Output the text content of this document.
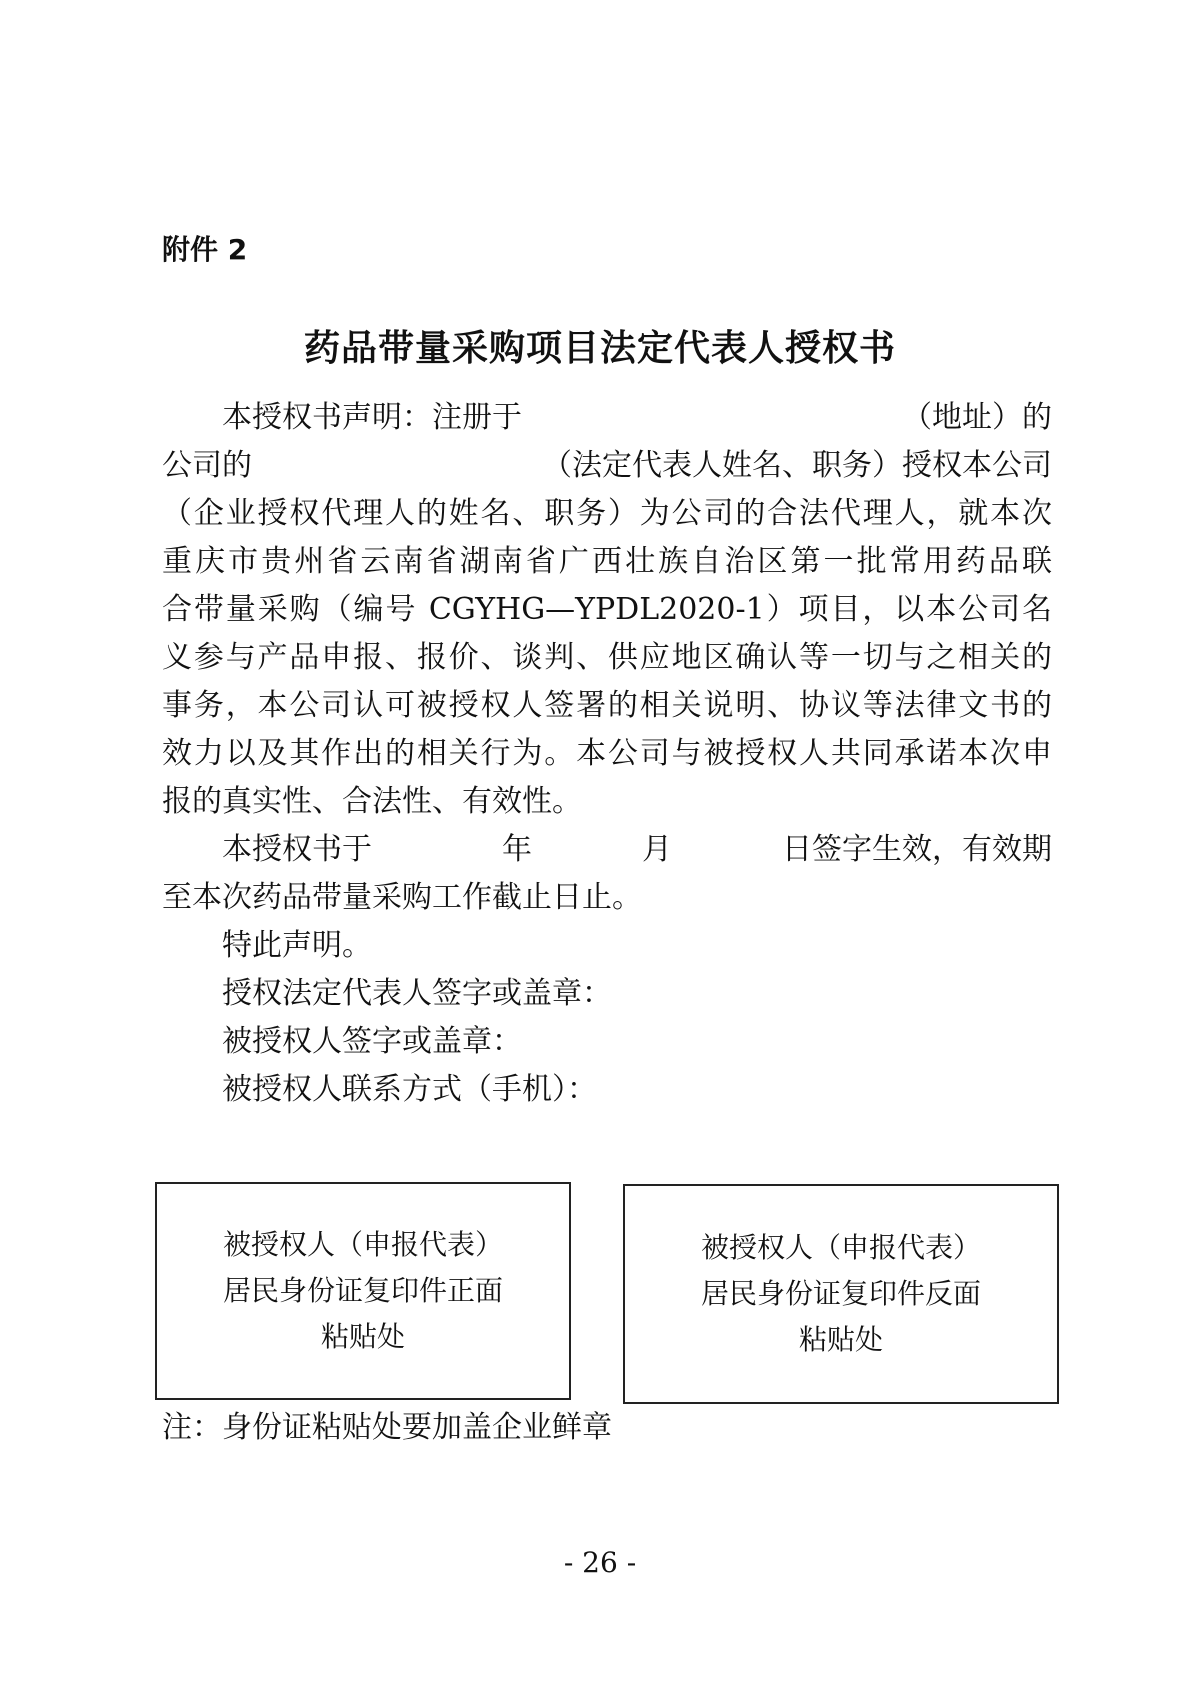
附件 2
药品带量采购项目法定代表人授权书
本授权书声明：注册于	（地址）的
公司的	（法定代表人姓名、职务）授权本公司
（企业授权代理人的姓名、职务）为公司的合法代理人，就本次
重庆市贵州省云南省湖南省广西壮族自治区第一批常用药品联
合带量采购（编号 CGYHG—YPDL2020-1）项目，以本公司名
义参与产品申报、报价、谈判、供应地区确认等一切与之相关的
事务，本公司认可被授权人签署的相关说明、协议等法律文书的
效力以及其作出的相关行为。本公司与被授权人共同承诺本次申
报的真实性、合法性、有效性。
本授权书于	年	月	日签字生效，有效期
至本次药品带量采购工作截止日止。
特此声明。
授权法定代表人签字或盖章：
被授权人签字或盖章：
被授权人联系方式（手机）：
被授权人（申报代表）
居民身份证复印件正面
粘贴处
被授权人（申报代表）
居民身份证复印件反面
粘贴处
注：身份证粘贴处要加盖企业鲜章
- 26 -
